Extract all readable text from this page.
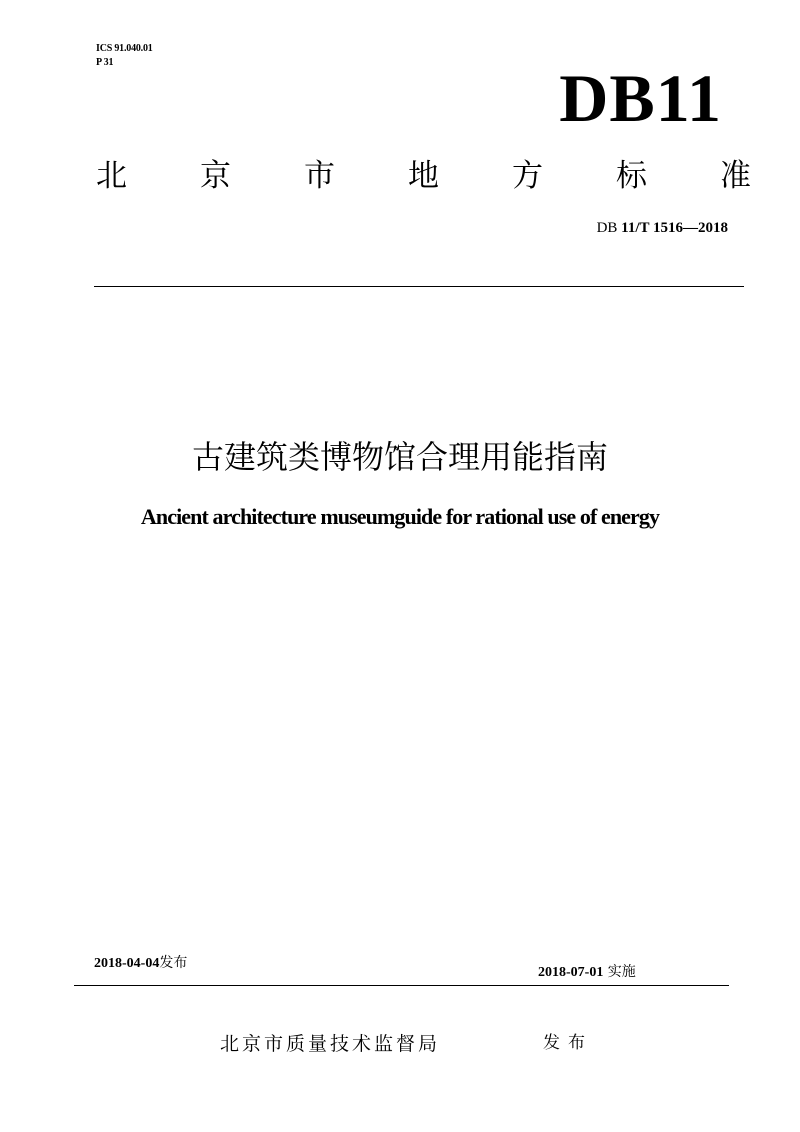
ICS 91.040.01
P 31	DB11
北 京 市 地 方 标 准
DB 11/T 1516—2018
古建筑类博物馆合理用能指南
Ancient architecture museumguide for rational use of energy
2018-04-04发布
2018-07-01 实施
北京市质量技术监督局	发布
